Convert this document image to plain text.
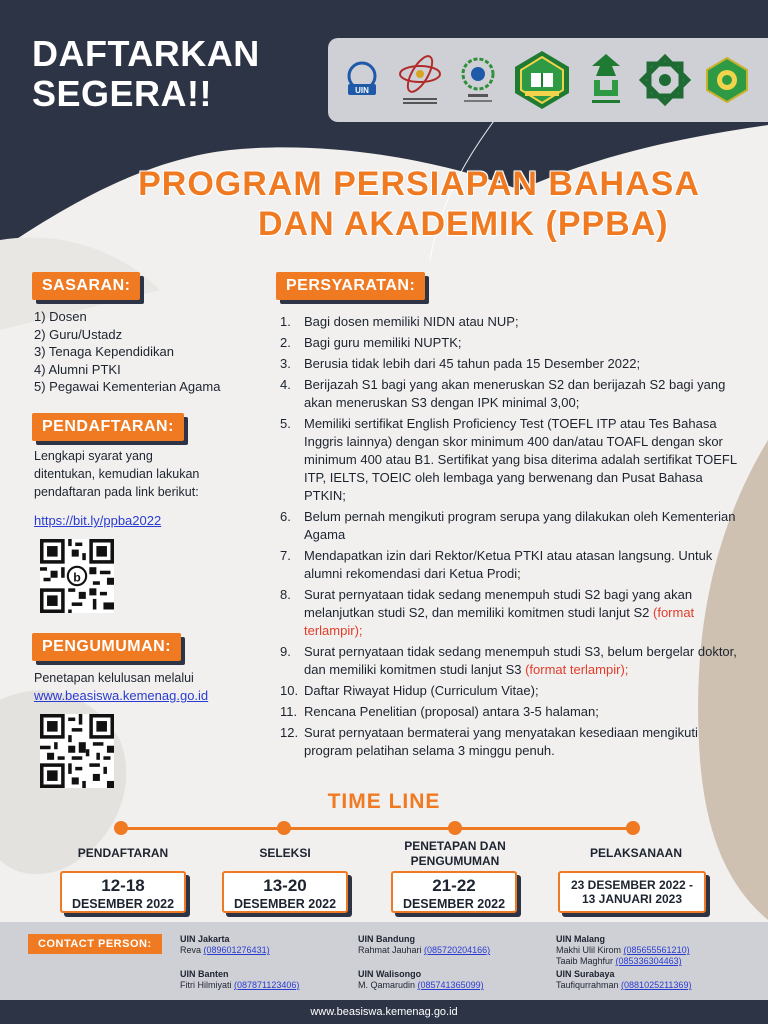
DAFTARKAN
SEGERA!!	UIN
PROGRAM PERSIAPAN BAHASA
DAN AKADEMIK (PPBA)
SASARAN:
1) Dosen
2) Guru/Ustadz
3) Tenaga Kependidikan
4) Alumni PTKI
5) Pegawai Kementerian Agama
PENDAFTARAN:
Lengkapi syarat yang
ditentukan, kemudian lakukan
pendaftaran pada link berikut:
https://bit.ly/ppba2022
b
PENGUMUMAN:
Penetapan kelulusan melalui
www.beasiswa.kemenag.go.id
PERSYARATAN:
1.	Bagi dosen memiliki NIDN atau NUP;
2.	Bagi guru memiliki NUPTK;
3.	Berusia tidak lebih dari 45 tahun pada 15 Desember 2022;
4.	Berijazah S1 bagi yang akan meneruskan S2 dan berijazah S2 bagi yang akan meneruskan S3 dengan IPK minimal 3,00;
5.	Memiliki sertifikat English Proficiency Test (TOEFL ITP atau Tes Bahasa Inggris lainnya) dengan skor minimum 400 dan/atau TOAFL dengan skor minimum 400 atau B1. Sertifikat yang bisa diterima adalah sertifikat TOEFL ITP, IELTS, TOEIC oleh lembaga yang berwenang dan Pusat Bahasa PTKIN;
6.	Belum pernah mengikuti program serupa yang dilakukan oleh Kementerian Agama
7.	Mendapatkan izin dari Rektor/Ketua PTKI atau atasan langsung. Untuk alumni rekomendasi dari Ketua Prodi;
8.	Surat pernyataan tidak sedang menempuh studi S2 bagi yang akan melanjutkan studi S2, dan memiliki komitmen studi lanjut S2 (format terlampir);
9.	Surat pernyataan tidak sedang menempuh studi S3, belum bergelar doktor, dan memiliki komitmen studi lanjut S3 (format terlampir);
10. Daftar Riwayat Hidup (Curriculum Vitae);
11. Rencana Penelitian (proposal) antara 3-5 halaman;
12. Surat pernyataan bermaterai yang menyatakan kesediaan mengikuti program pelatihan selama 3 minggu penuh.
TIME LINE
PENDAFTARAN	SELEKSI	PENETAPAN DAN
PENGUMUMAN
PELAKSANAAN
12-18
DESEMBER 2022
13-20
DESEMBER 2022
21-22
DESEMBER 2022
23 DESEMBER 2022 -
13 JANUARI 2023
CONTACT PERSON:	UIN Jakarta
Reva (089601276431)
UIN Banten
Fitri Hilmiyati (087871123406)
UIN Bandung
Rahmat Jauhari (085720204166)
UIN Walisongo
M. Qamarudin (085741365099)
UIN Malang
Makhi Ulil Kirom (085655561210)
Taaib Maghfur (085336304463)
UIN Surabaya
Taufiqurrahman (0881025211369)
www.beasiswa.kemenag.go.id
